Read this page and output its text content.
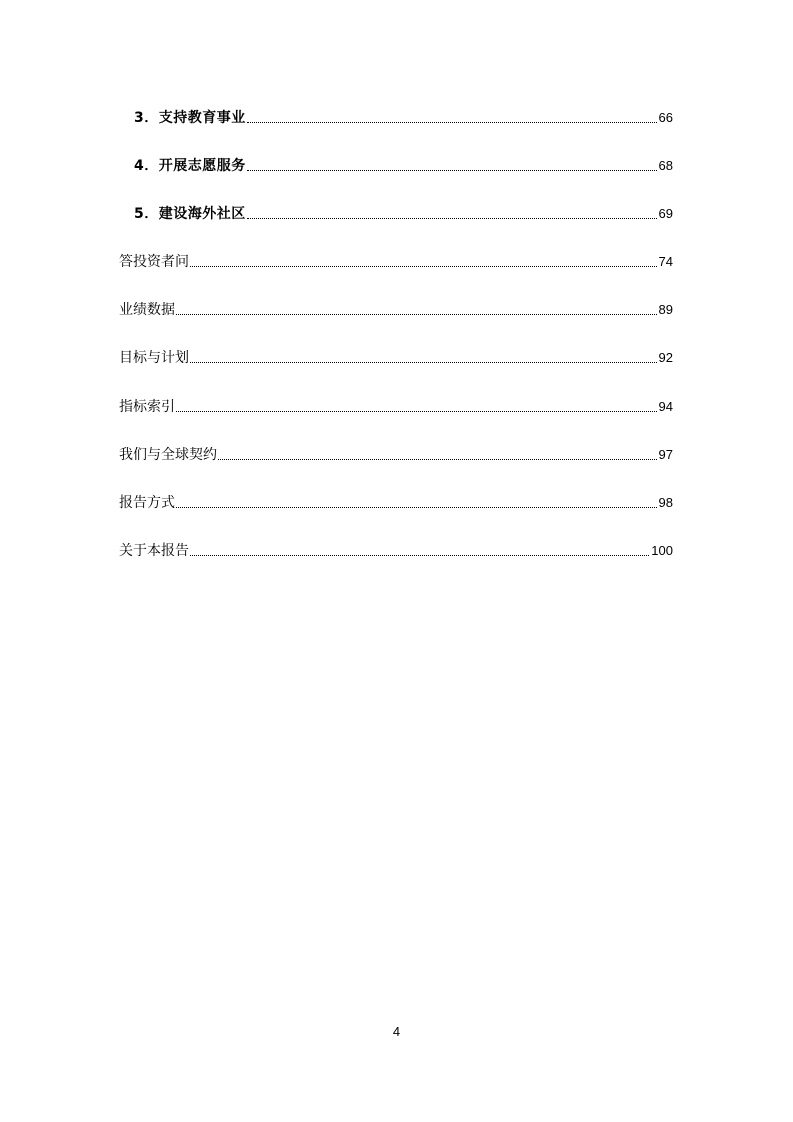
3．支持教育事业	66
4．开展志愿服务	68
5．建设海外社区	69
答投资者问	74
业绩数据	89
目标与计划	92
指标索引	94
我们与全球契约	97
报告方式	98
关于本报告	100
4
